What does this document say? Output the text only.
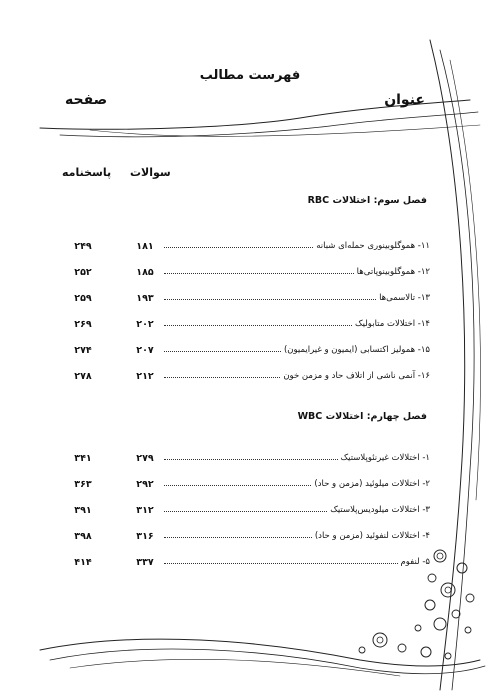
فهرست مطالب
عنوان
صفحه
سوالات
پاسخنامه
فصل سوم: اختلالات RBC
۲۴۹	۱۸۱	۱۱- هموگلوبینوری حمله‌ای شبانه
۲۵۲	۱۸۵	۱۲- هموگلوبینوپاتی‌ها
۲۵۹	۱۹۳	۱۳- تالاسمی‌ها
۲۶۹	۲۰۲	۱۴- اختلالات متابولیک
۲۷۴	۲۰۷	۱۵- همولیز اکتسابی (ایمیون و غیرایمیون)
۲۷۸	۲۱۲	۱۶- آنمی ناشی از اتلاف حاد و مزمن خون
فصل چهارم: اختلالات WBC
۳۴۱	۲۷۹	۱- اختلالات غیرنئوپلاستیک
۳۶۳	۲۹۲	۲- اختلالات میلوئید (مزمن و حاد)
۳۹۱	۳۱۲	۳- اختلالات میلودیس‌پلاستیک
۳۹۸	۳۱۶	۴- اختلالات لنفوئید (مزمن و حاد)
۴۱۴	۳۳۷	۵- لنفوم
